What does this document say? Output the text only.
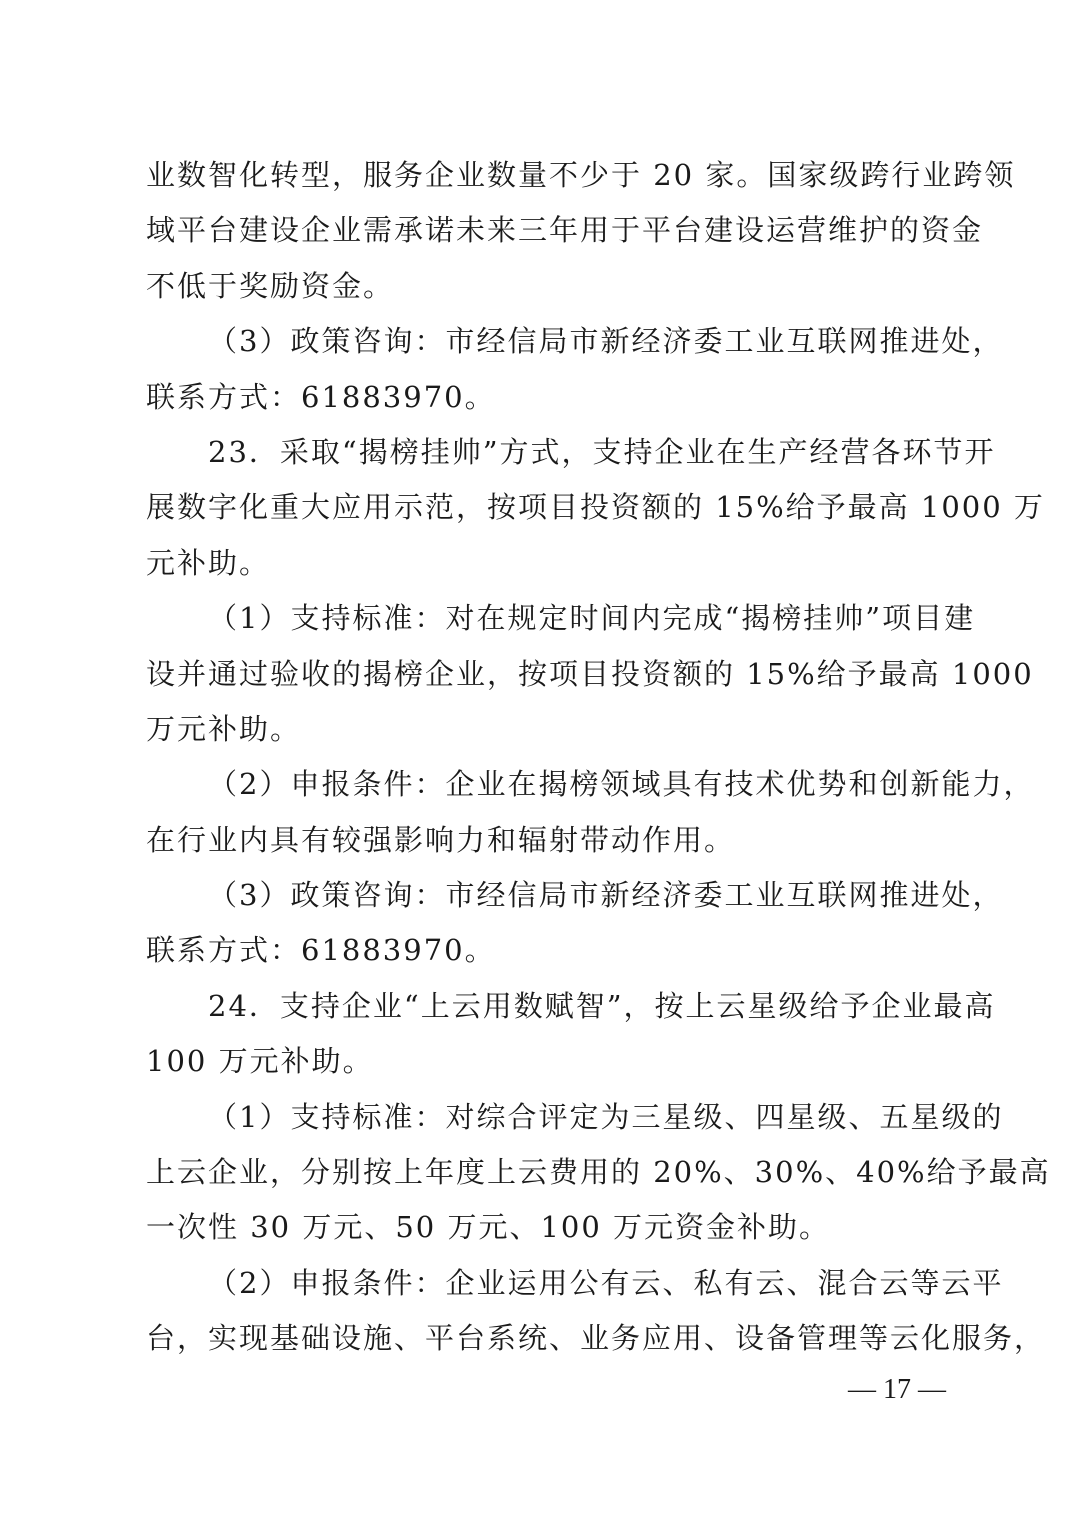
业数智化转型，服务企业数量不少于 20 家。国家级跨行业跨领
域平台建设企业需承诺未来三年用于平台建设运营维护的资金
不低于奖励资金。
（3）政策咨询：市经信局市新经济委工业互联网推进处，
联系方式：61883970。
23．采取“揭榜挂帅”方式，支持企业在生产经营各环节开
展数字化重大应用示范，按项目投资额的 15%给予最高 1000 万
元补助。
（1）支持标准：对在规定时间内完成“揭榜挂帅”项目建
设并通过验收的揭榜企业，按项目投资额的 15%给予最高 1000
万元补助。
（2）申报条件：企业在揭榜领域具有技术优势和创新能力，
在行业内具有较强影响力和辐射带动作用。
（3）政策咨询：市经信局市新经济委工业互联网推进处，
联系方式：61883970。
24．支持企业“上云用数赋智”，按上云星级给予企业最高
100 万元补助。
（1）支持标准：对综合评定为三星级、四星级、五星级的
上云企业，分别按上年度上云费用的 20%、30%、40%给予最高
一次性 30 万元、50 万元、100 万元资金补助。
（2）申报条件：企业运用公有云、私有云、混合云等云平
台，实现基础设施、平台系统、业务应用、设备管理等云化服务，
— 17 —
